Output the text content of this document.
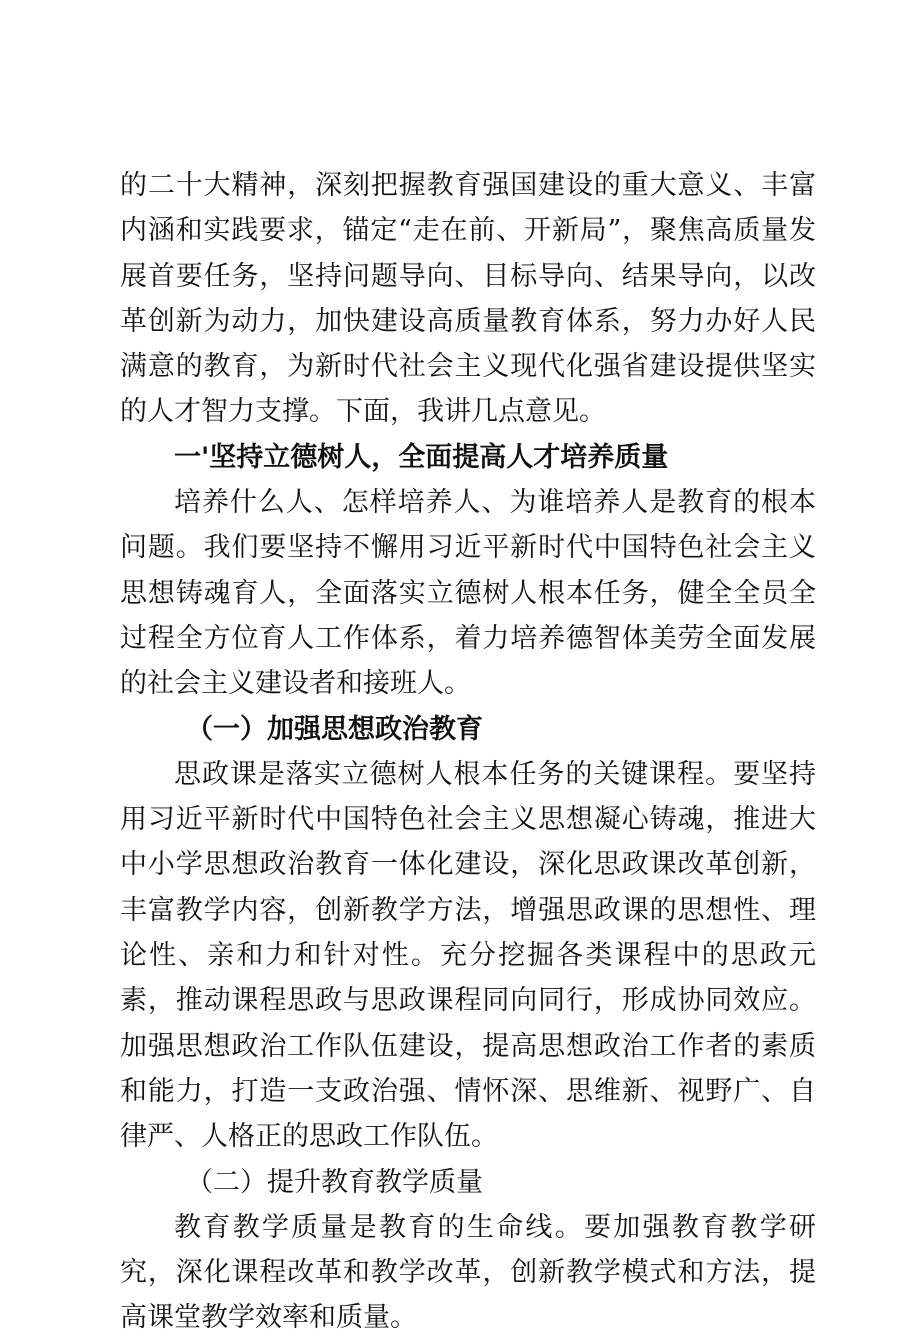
的二十大精神，深刻把握教育强国建设的重大意义、丰富内涵和实践要求，锚定“走在前、开新局”，聚焦高质量发展首要任务，坚持问题导向、目标导向、结果导向，以改革创新为动力，加快建设高质量教育体系，努力办好人民满意的教育，为新时代社会主义现代化强省建设提供坚实的人才智力支撑。下面，我讲几点意见。

一'坚持立德树人，全面提高人才培养质量

培养什么人、怎样培养人、为谁培养人是教育的根本问题。我们要坚持不懈用习近平新时代中国特色社会主义思想铸魂育人，全面落实立德树人根本任务，健全全员全过程全方位育人工作体系，着力培养德智体美劳全面发展的社会主义建设者和接班人。

（一）加强思想政治教育

思政课是落实立德树人根本任务的关键课程。要坚持用习近平新时代中国特色社会主义思想凝心铸魂，推进大中小学思想政治教育一体化建设，深化思政课改革创新，丰富教学内容，创新教学方法，增强思政课的思想性、理论性、亲和力和针对性。充分挖掘各类课程中的思政元素，推动课程思政与思政课程同向同行，形成协同效应。加强思想政治工作队伍建设，提高思想政治工作者的素质和能力，打造一支政治强、情怀深、思维新、视野广、自律严、人格正的思政工作队伍。

（二）提升教育教学质量

教育教学质量是教育的生命线。要加强教育教学研究，深化课程改革和教学改革，创新教学模式和方法，提高课堂教学效率和质量。
